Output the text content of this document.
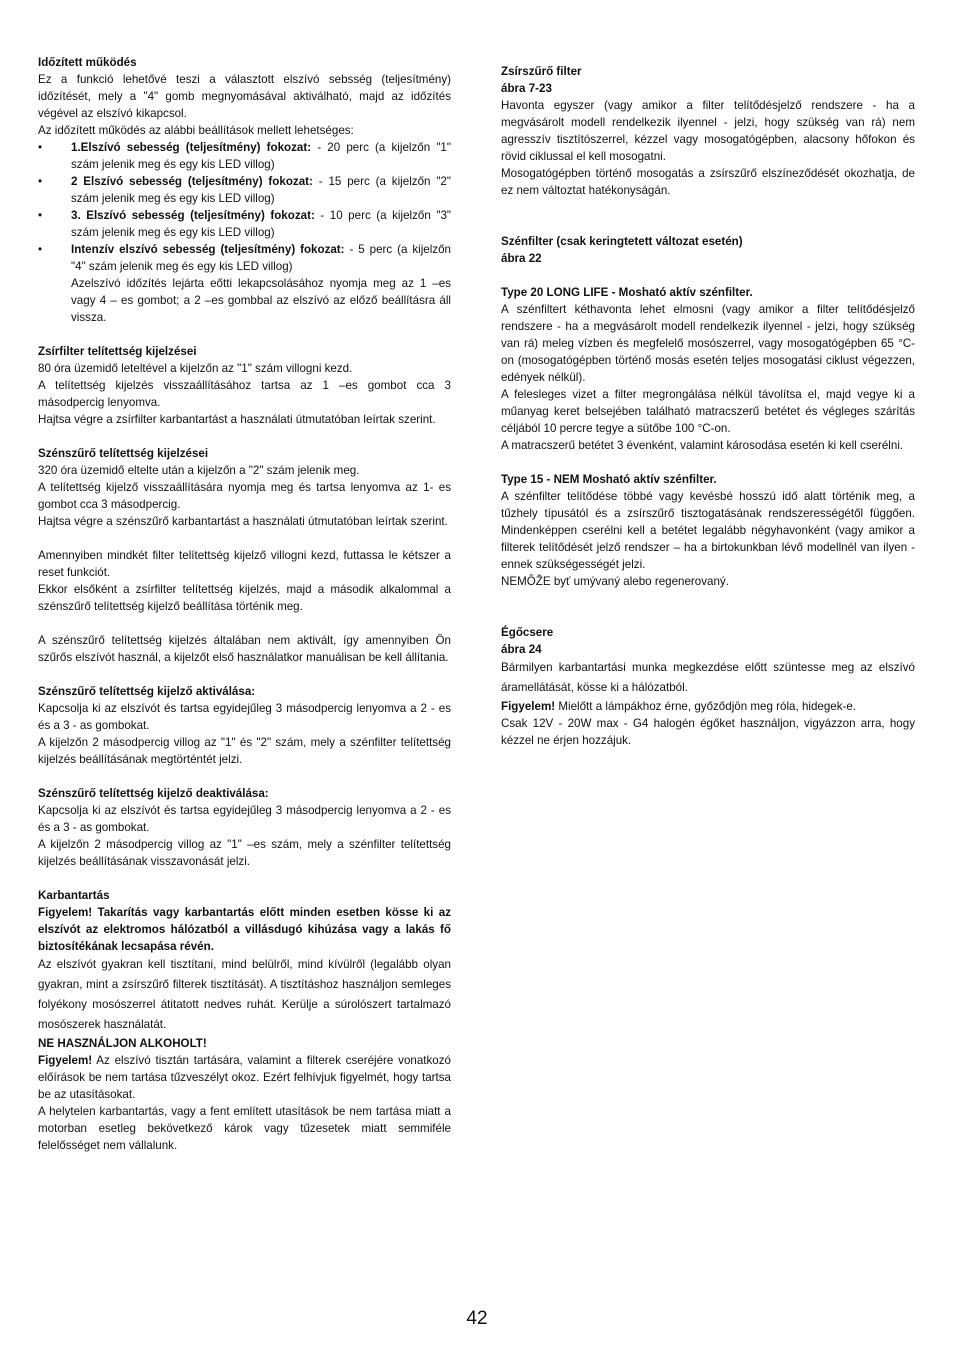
Időzített működés

Ez a funkció lehetővé teszi a választott elszívó sebsség (teljesítmény) időzítését, mely a "4" gomb megnyomásával aktiválható, majd az időzítés végével az elszívó kikapcsol.

Az időzített működés az alábbi beállítások mellett lehetséges:

• 1.Elszívó sebesség (teljesítmény) fokozat: - 20 perc (a kijelzőn "1" szám jelenik meg és egy kis LED villog)
• 2 Elszívó sebesség (teljesítmény) fokozat: - 15 perc (a kijelzőn "2" szám jelenik meg és egy kis LED villog)
• 3. Elszívó sebesség (teljesítmény) fokozat: - 10 perc (a kijelzőn "3" szám jelenik meg és egy kis LED villog)
• Intenzív elszívó sebesség (teljesítmény) fokozat: - 5 perc (a kijelzőn "4" szám jelenik meg és egy kis LED villog)
Azelszívó időzítés lejárta eőtti lekapcsolásához nyomja meg az 1 –es vagy 4 – es gombot; a 2 –es gombbal az elszívó az előző beállításra áll vissza.

Zsírfilter telítettség kijelzései

80 óra üzemidő leteltével a kijelzőn az "1" szám villogni kezd.

A telítettség kijelzés visszaállításához tartsa az 1 –es gombot cca 3 másodpercig lenyomva.

Hajtsa végre a zsírfilter karbantartást a használati útmutatóban leírtak szerint.

Szénszűrő telítettség kijelzései

320 óra üzemidő eltelte után a kijelzőn a "2" szám jelenik meg.

A telítettség kijelző visszaállítására nyomja meg és tartsa lenyomva az 1- es gombot cca 3 másodpercig.

Hajtsa végre a szénszűrő karbantartást a használati útmutatóban leírtak szerint.

Amennyiben mindkét filter telítettség kijelző villogni kezd, futtassa le kétszer a reset funkciót.

Ekkor elsőként a zsírfilter telítettség kijelzés, majd a második alkalommal a szénszűrő telítettség kijelző beállítása történik meg.

A szénszűrő telítettség kijelzés általában nem aktivált, így amennyiben Ön szűrős elszívót használ, a kijelzőt első használatkor manuálisan be kell állítania.

Szénszűrő telítettség kijelző aktiválása:

Kapcsolja ki az elszívót és tartsa egyidejűleg 3 másodpercig lenyomva a 2 - es és a 3 - as gombokat.

A kijelzőn 2 másodpercig villog az "1" és "2" szám, mely a szénfilter telítettség kijelzés beállításának megtörténtét jelzi.

Szénszűrő telítettség kijelző deaktiválása:

Kapcsolja ki az elszívót és tartsa egyidejűleg 3 másodpercig lenyomva a 2 - es és a 3 - as gombokat.

A kijelzőn 2 másodpercig villog az "1" –es szám, mely a szénfilter telítettség kijelzés beállításának visszavonását jelzi.

Karbantartás

Figyelem! Takarítás vagy karbantartás előtt minden esetben kösse ki az elszívót az elektromos hálózatból a villásdugó kihúzása vagy a lakás fő biztosítékának lecsapása révén.

Az elszívót gyakran kell tisztítani, mind belülről, mind kívülről (legalább olyan gyakran, mint a zsírszűrő filterek tisztítását). A tisztításhoz használjon semleges folyékony mosószerrel átitatott nedves ruhát. Kerülje a súrolószert tartalmazó mosószerek használatát.

NE HASZNÁLJON ALKOHOLT!

Figyelem! Az elszívó tisztán tartására, valamint a filterek cseréjére vonatkozó előírások be nem tartása tűzveszélyt okoz. Ezért felhívjuk figyelmét, hogy tartsa be az utasításokat.

A helytelen karbantartás, vagy a fent említett utasítások be nem tartása miatt a motorban esetleg bekövetkező károk vagy tűzesetek miatt semmiféle felelősséget nem vállalunk.

Zsírszűrő filter

ábra 7-23

Havonta egyszer (vagy amikor a filter telítődésjelző rendszere - ha a megvásárolt modell rendelkezik ilyennel - jelzi, hogy szükség van rá) nem agresszív tisztítószerrel, kézzel vagy mosogatógépben, alacsony hőfokon és rövid ciklussal el kell mosogatni.

Mosogatógépben történő mosogatás a zsírszűrő elszíneződését okozhatja, de ez nem változtat hatékonyságán.

Szénfilter (csak keringtetett változat esetén)

ábra 22

Type 20 LONG LIFE - Mosható aktív szénfilter.

A szénfiltert kéthavonta lehet elmosni (vagy amikor a filter telítődésjelző rendszere - ha a megvásárolt modell rendelkezik ilyennel - jelzi, hogy szükség van rá) meleg vízben és megfelelő mosószerrel, vagy mosogatógépben 65 °C-on (mosogatógépben történő mosás esetén teljes mosogatási ciklust végezzen, edények nélkül).

A felesleges vizet a filter megrongálása nélkül távolítsa el, majd vegye ki a műanyag keret belsejében található matracszerű betétet és végleges szárítás céljából 10 percre tegye a sütőbe 100 °C-on.

A matracszerű betétet 3 évenként, valamint károsodása esetén ki kell cserélni.

Type 15 - NEM Mosható aktív szénfilter.

A szénfilter telítődése többé vagy kevésbé hosszú idő alatt történik meg, a tűzhely típusától és a zsírszűrő tisztogatásának rendszerességétől függően. Mindenképpen cserélni kell a betétet legalább négyhavonként (vagy amikor a filterek telítődését jelző rendszer – ha a birtokunkban lévő modellnél van ilyen - ennek szükségességét jelzi.

NEMÔŽE byť umývaný alebo regenerovaný.

Égőcsere

ábra 24

Bármilyen karbantartási munka megkezdése előtt szüntesse meg az elszívó áramellátását, kösse ki a hálózatból.

Figyelem! Mielőtt a lámpákhoz érne, győződjön meg róla, hidegek-e.

Csak 12V - 20W max - G4 halogén égőket használjon, vigyázzon arra, hogy kézzel ne érjen hozzájuk.

42
